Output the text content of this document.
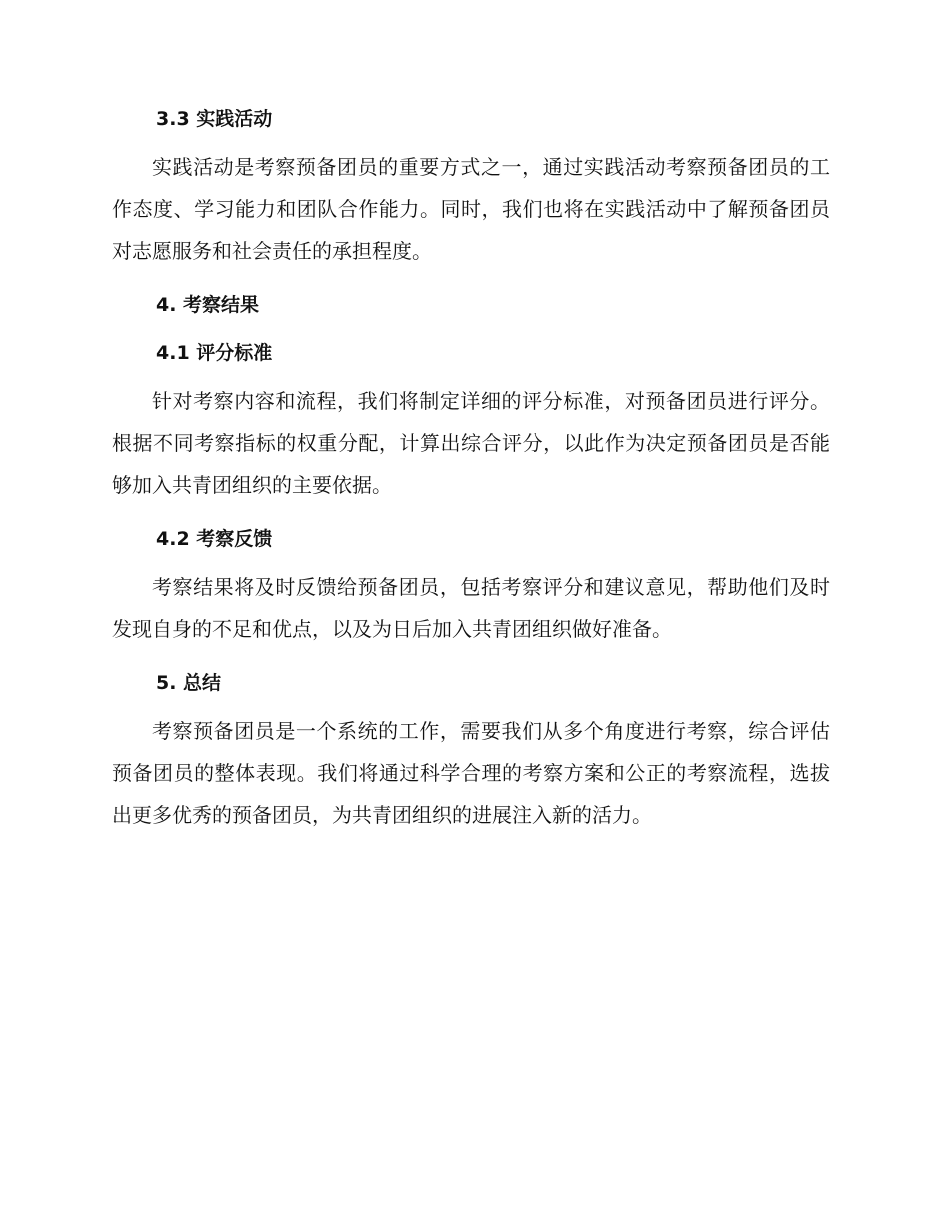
3.3 实践活动

实践活动是考察预备团员的重要方式之一，通过实践活动考察预备团员的工作态度、学习能力和团队合作能力。同时，我们也将在实践活动中了解预备团员对志愿服务和社会责任的承担程度。

4. 考察结果

4.1 评分标准

针对考察内容和流程，我们将制定详细的评分标准，对预备团员进行评分。根据不同考察指标的权重分配，计算出综合评分，以此作为决定预备团员是否能够加入共青团组织的主要依据。

4.2 考察反馈

考察结果将及时反馈给预备团员，包括考察评分和建议意见，帮助他们及时发现自身的不足和优点，以及为日后加入共青团组织做好准备。

5. 总结

考察预备团员是一个系统的工作，需要我们从多个角度进行考察，综合评估预备团员的整体表现。我们将通过科学合理的考察方案和公正的考察流程，选拔出更多优秀的预备团员，为共青团组织的进展注入新的活力。
